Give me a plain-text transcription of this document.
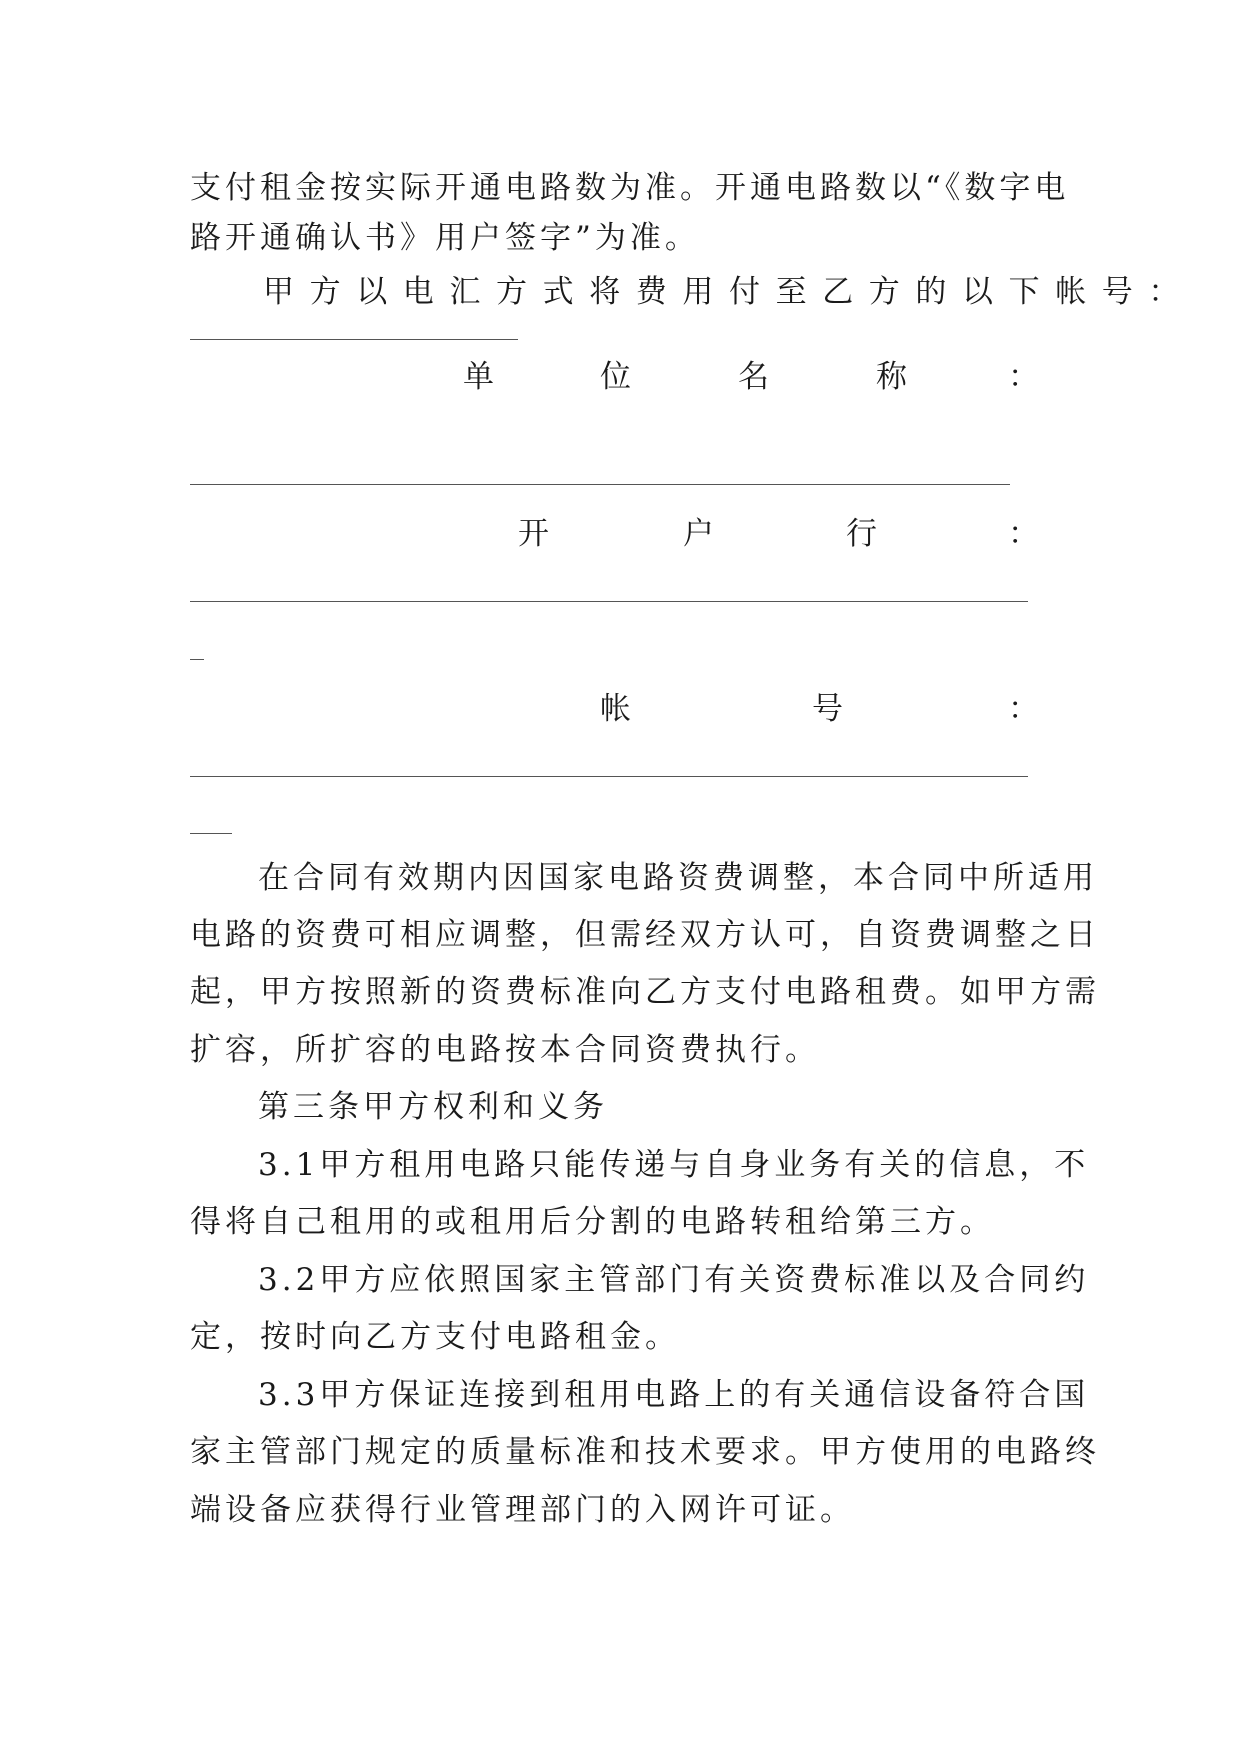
支付租金按实际开通电路数为准。开通电路数以“《数字电
路开通确认书》用户签字”为准。
甲方以电汇方式将费用付至乙方的以下帐号：
单	位	名	称	：
开	户	行	：
帐	号	：
在合同有效期内因国家电路资费调整，本合同中所适用
电路的资费可相应调整，但需经双方认可，自资费调整之日
起，甲方按照新的资费标准向乙方支付电路租费。如甲方需
扩容，所扩容的电路按本合同资费执行。
第三条甲方权利和义务
3.1甲方租用电路只能传递与自身业务有关的信息，不
得将自己租用的或租用后分割的电路转租给第三方。
3.2甲方应依照国家主管部门有关资费标准以及合同约
定，按时向乙方支付电路租金。
3.3甲方保证连接到租用电路上的有关通信设备符合国
家主管部门规定的质量标准和技术要求。甲方使用的电路终
端设备应获得行业管理部门的入网许可证。
